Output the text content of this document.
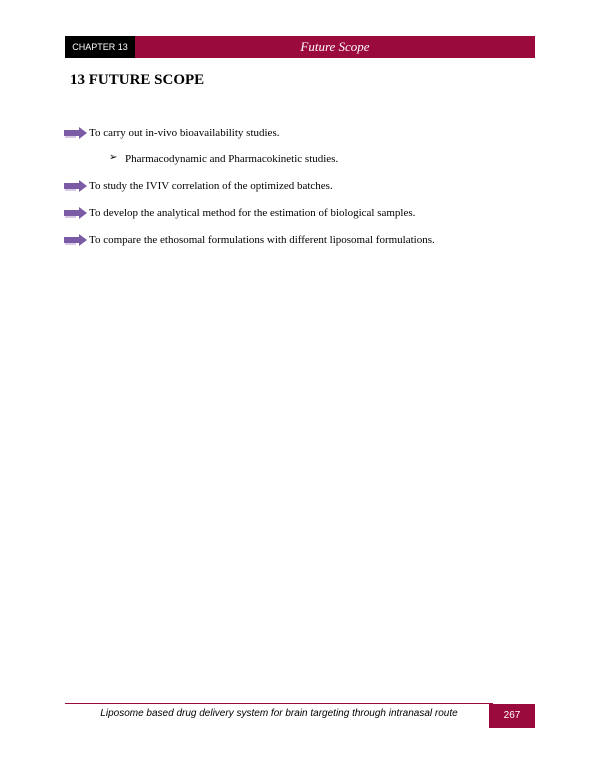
CHAPTER 13	Future Scope
13 FUTURE SCOPE
To carry out in-vivo bioavailability studies.
➢ Pharmacodynamic and Pharmacokinetic studies.
To study the IVIV correlation of the optimized batches.
To develop the analytical method for the estimation of biological samples.
To compare the ethosomal formulations with different liposomal formulations.
Liposome based drug delivery system for brain targeting through intranasal route	267
